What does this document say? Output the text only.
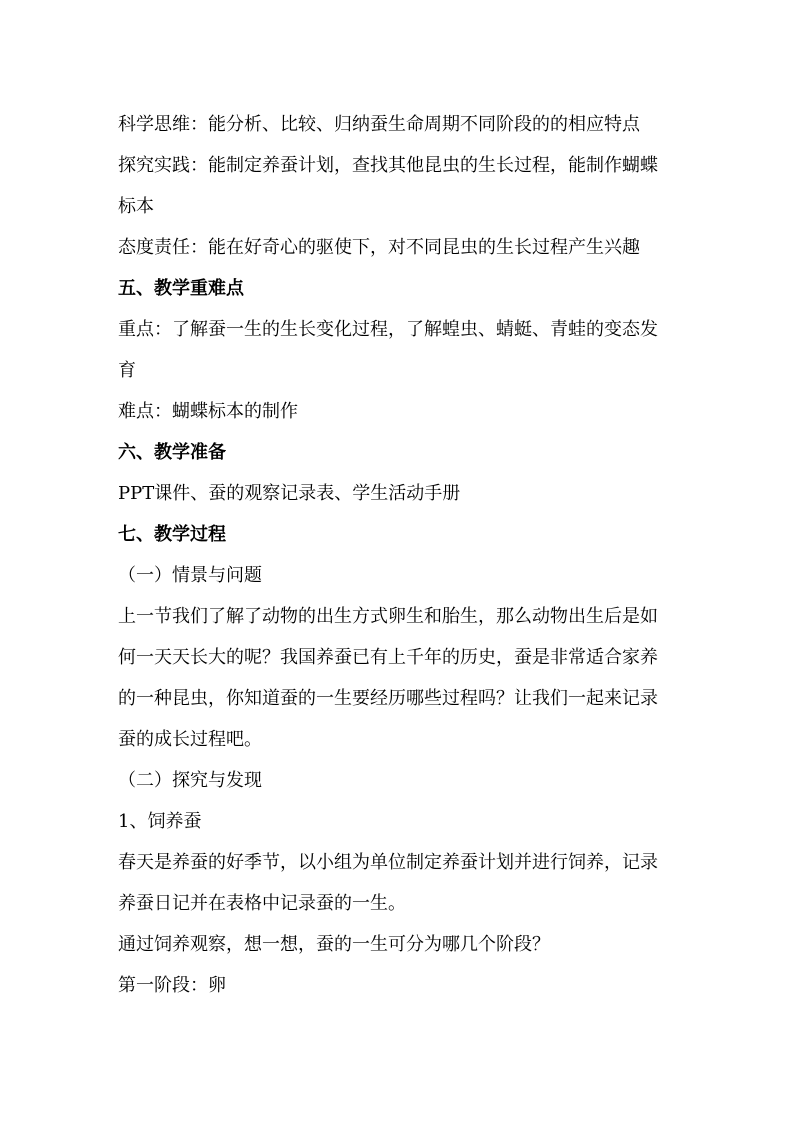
科学思维：能分析、比较、归纳蚕生命周期不同阶段的的相应特点

探究实践：能制定养蚕计划，查找其他昆虫的生长过程，能制作蝴蝶

标本

态度责任：能在好奇心的驱使下，对不同昆虫的生长过程产生兴趣

五、教学重难点

重点：了解蚕一生的生长变化过程，了解蝗虫、蜻蜓、青蛙的变态发

育

难点：蝴蝶标本的制作

六、教学准备

PPT课件、蚕的观察记录表、学生活动手册

七、教学过程

（一）情景与问题

上一节我们了解了动物的出生方式卵生和胎生，那么动物出生后是如

何一天天长大的呢？我国养蚕已有上千年的历史，蚕是非常适合家养

的一种昆虫，你知道蚕的一生要经历哪些过程吗？让我们一起来记录

蚕的成长过程吧。

（二）探究与发现

1、饲养蚕

春天是养蚕的好季节，以小组为单位制定养蚕计划并进行饲养，记录

养蚕日记并在表格中记录蚕的一生。

通过饲养观察，想一想，蚕的一生可分为哪几个阶段？

第一阶段：卵
